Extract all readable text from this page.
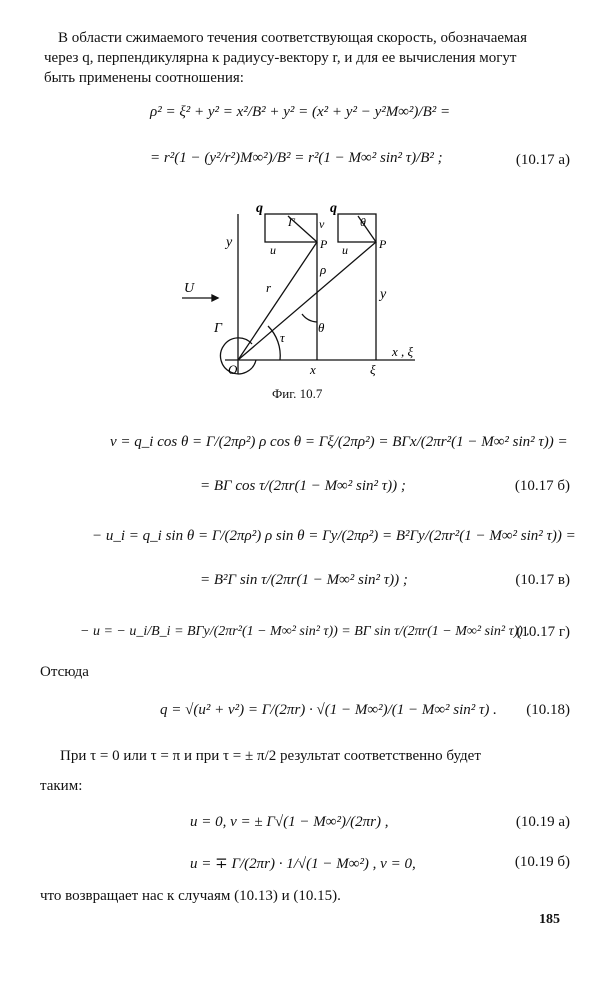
В области сжимаемого течения соответствующая скорость, обозначаемая
через q, перпендикулярна к радиусу-вектору r, и для ее вычисления могут
быть применены соотношения:
ρ² = ξ² + y² = x²/B² + y² = (x² + y² − y²M∞²)/B² =
= r²(1 − (y²/r²)M∞²)/B² = r²(1 − M∞² sin² τ)/B² ;	(10.17 а)
q	q
Γ v	θ
u	u
P	P
y
y
U	r
ρ
Γ
τ
θ
O	x	ξ
x , ξ
Фиг. 10.7
v = q_i cos θ = Γ/(2πρ²) ρ cos θ = Γξ/(2πρ²) = BΓx/(2πr²(1 − M∞² sin² τ)) =
= BΓ cos τ/(2πr(1 − M∞² sin² τ)) ;	(10.17 б)
− u_i = q_i sin θ = Γ/(2πρ²) ρ sin θ = Γy/(2πρ²) = B²Γy/(2πr²(1 − M∞² sin² τ)) =
= B²Γ sin τ/(2πr(1 − M∞² sin² τ)) ;	(10.17 в)
− u = − u_i/B_i = BΓy/(2πr²(1 − M∞² sin² τ)) = BΓ sin τ/(2πr(1 − M∞² sin² τ)) .
(10.17 г)
Отсюда
q = √(u² + v²) = Γ/(2πr) · √(1 − M∞²)/(1 − M∞² sin² τ) . (10.18)
При τ = 0 или τ = π и при τ = ± π/2 результат соответственно будет
таким:
u = 0, v = ± Γ√(1 − M∞²)/(2πr) ,	(10.19 а)
u = ∓ Γ/(2πr) · 1/√(1 − M∞²) , v = 0,	(10.19 б)
что возвращает нас к случаям (10.13) и (10.15).
185
